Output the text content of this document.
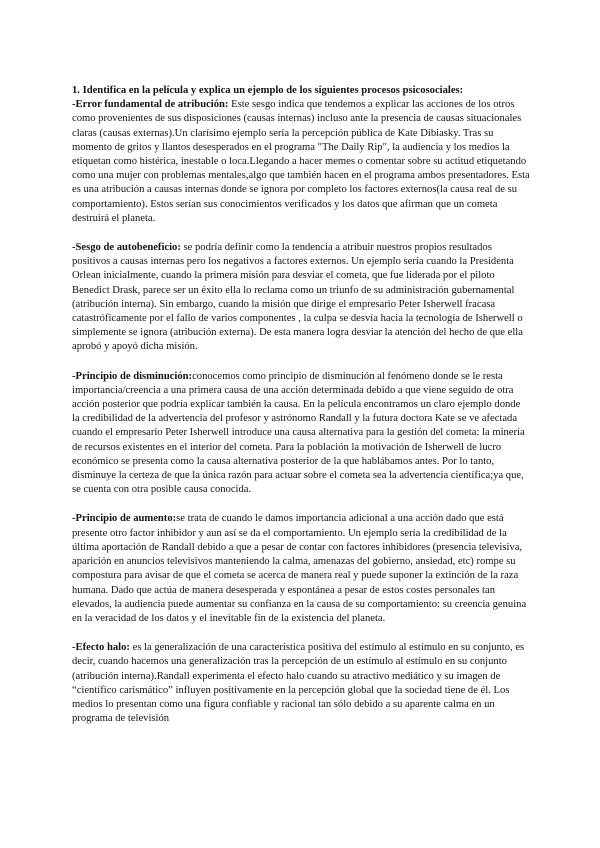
1. Identifica en la película y explica un ejemplo de los siguientes procesos psicosociales:

-Error fundamental de atribución: Este sesgo indica que tendemos a explicar las acciones de los otros como provenientes de sus disposiciones (causas internas) incluso ante la presencia de causas situacionales claras (causas externas).Un clarísimo ejemplo sería la percepción pública de Kate Dibiasky. Tras su momento de gritos y llantos desesperados en el programa "The Daily Rip", la audiencia y los medios la etiquetan como histérica, inestable o loca.Llegando a hacer memes o comentar sobre su actitud etiquetando como una mujer con problemas mentales,algo que también hacen en el programa ambos presentadores. Esta es una atribución a causas internas donde se ignora por completo los factores externos(la causa real de su comportamiento). Estos serían sus conocimientos verificados y los datos que afirman que un cometa destruirá el planeta.

-Sesgo de autobeneficio: se podría definir como la tendencia a atribuir nuestros propios resultados positivos a causas internas pero los negativos a factores externos. Un ejemplo sería cuando la Presidenta Orlean inicialmente, cuando la primera misión para desviar el cometa, que fue liderada por el piloto Benedict Drask, parece ser un éxito ella lo reclama como un triunfo de su administración gubernamental (atribución interna). Sin embargo, cuando la misión que dirige el empresario Peter Isherwell fracasa catastróficamente por el fallo de varios componentes , la culpa se desvía hacia la tecnología de Isherwell o simplemente se ignora (atribución externa). De esta manera logra desviar la atención del hecho de que ella aprobó y apoyó dicha misión.

-Principio de disminución:conocemos como principio de disminución al fenómeno donde se le resta importancia/creencia a una primera causa de una acción determinada debido a que viene seguido de otra acción posterior que podría explicar también la causa. En la película encontramos un claro ejemplo donde la credibilidad de la advertencia del profesor y astrónomo Randall y la futura doctora Kate se ve afectada cuando el empresario Peter Isherwell introduce una causa alternativa para la gestión del cometa: la minería de recursos existentes en el interior del cometa. Para la población la motivación de Isherwell de lucro económico se presenta como la causa alternativa posterior de la que hablábamos antes. Por lo tanto, disminuye la certeza de que la única razón para actuar sobre el cometa sea la advertencia científica;ya que, se cuenta con otra posible causa conocida.

-Principio de aumento:se trata de cuando le damos importancia adicional a una acción dado que está presente otro factor inhibidor y aun así se da el comportamiento. Un ejemplo sería la credibilidad de la última aportación de Randall debido a que a pesar de contar con factores inhibidores (presencia televisiva, aparición en anuncios televisivos manteniendo la calma, amenazas del gobierno, ansiedad, etc) rompe su compostura para avisar de que el cometa se acerca de manera real y puede suponer la extinción de la raza humana. Dado que actúa de manera desesperada y espontánea a pesar de estos costes personales tan elevados, la audiencia puede aumentar su confianza en la causa de su comportamiento: su creencia genuina en la veracidad de los datos y el inevitable fin de la existencia del planeta.

-Efecto halo: es la generalización de una característica positiva del estímulo al estímulo en su conjunto, es decir, cuando hacemos una generalización tras la percepción de un estímulo al estímulo en su conjunto (atribución interna).Randall experimenta el efecto halo cuando su atractivo mediático y su imagen de “científico carismático” influyen positivamente en la percepción global que la sociedad tiene de él. Los medios lo presentan como una figura confiable y racional tan sólo debido a su aparente calma en un programa de televisión
